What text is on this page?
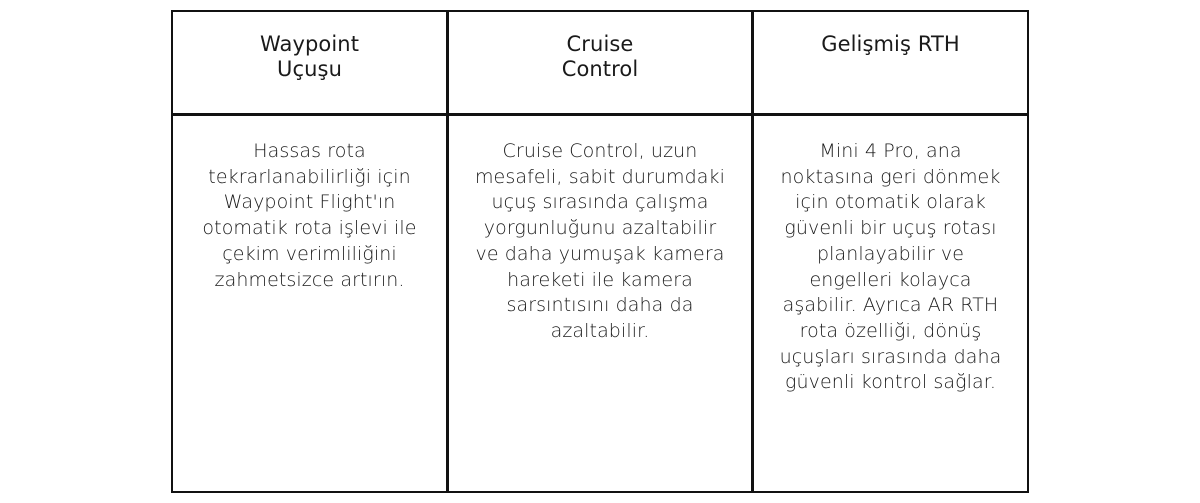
Waypoint
Uçuşu
Cruise
Control
Gelişmiş RTH
Hassas rota
tekrarlanabilirliği için
Waypoint Flight'ın
otomatik rota işlevi ile
çekim verimliliğini
zahmetsizce artırın.
Cruise Control, uzun
mesafeli, sabit durumdaki
uçuş sırasında çalışma
yorgunluğunu azaltabilir
ve daha yumuşak kamera
hareketi ile kamera
sarsıntısını daha da
azaltabilir.
Mini 4 Pro, ana
noktasına geri dönmek
için otomatik olarak
güvenli bir uçuş rotası
planlayabilir ve
engelleri kolayca
aşabilir. Ayrıca AR RTH
rota özelliği, dönüş
uçuşları sırasında daha
güvenli kontrol sağlar.
